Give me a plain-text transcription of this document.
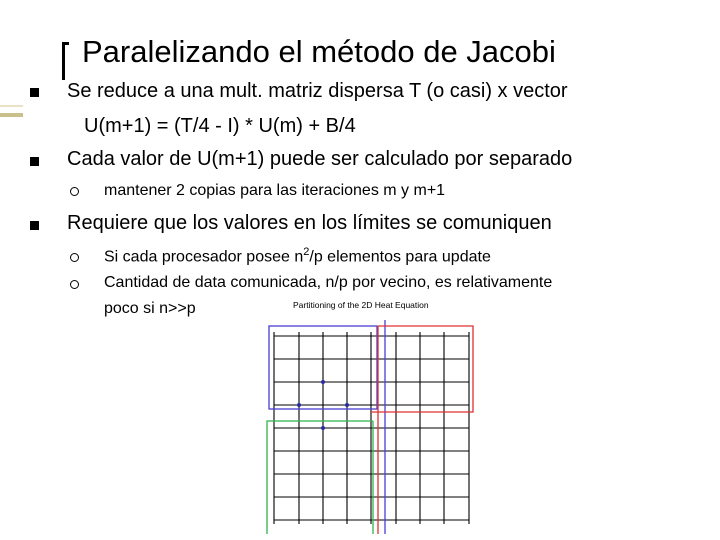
Paralelizando el método de Jacobi
Se reduce a una mult. matriz dispersa T (o casi) x vector
U(m+1) = (T/4 - I) * U(m) + B/4
Cada valor de U(m+1) puede ser calculado por separado
mantener 2 copias para las iteraciones m y m+1
Requiere que los valores en los límites se comuniquen
Si cada procesador posee $n^2/p$ elementos para update
Cantidad de data comunicada, n/p por vecino, es relativamente
poco si n>>p	Partitioning of the 2D Heat Equation
